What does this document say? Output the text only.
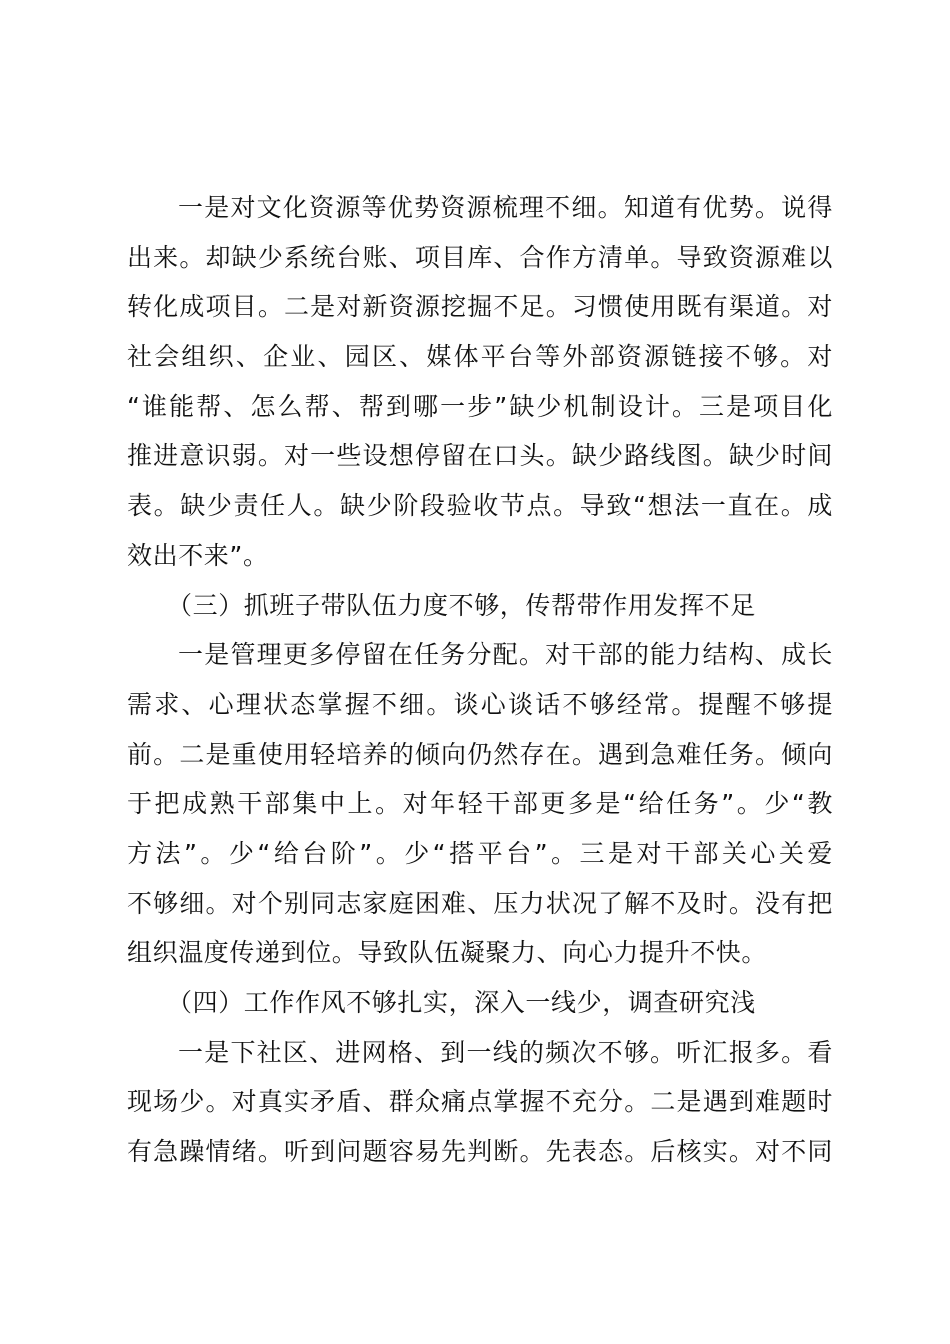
一是对文化资源等优势资源梳理不细。知道有优势。说得
出来。却缺少系统台账、项目库、合作方清单。导致资源难以
转化成项目。二是对新资源挖掘不足。习惯使用既有渠道。对
社会组织、企业、园区、媒体平台等外部资源链接不够。对
“谁能帮、怎么帮、帮到哪一步”缺少机制设计。三是项目化
推进意识弱。对一些设想停留在口头。缺少路线图。缺少时间
表。缺少责任人。缺少阶段验收节点。导致“想法一直在。成
效出不来”。
（三）抓班子带队伍力度不够，传帮带作用发挥不足
一是管理更多停留在任务分配。对干部的能力结构、成长
需求、心理状态掌握不细。谈心谈话不够经常。提醒不够提
前。二是重使用轻培养的倾向仍然存在。遇到急难任务。倾向
于把成熟干部集中上。对年轻干部更多是“给任务”。少“教
方法”。少“给台阶”。少“搭平台”。三是对干部关心关爱
不够细。对个别同志家庭困难、压力状况了解不及时。没有把
组织温度传递到位。导致队伍凝聚力、向心力提升不快。
（四）工作作风不够扎实，深入一线少，调查研究浅
一是下社区、进网格、到一线的频次不够。听汇报多。看
现场少。对真实矛盾、群众痛点掌握不充分。二是遇到难题时
有急躁情绪。听到问题容易先判断。先表态。后核实。对不同
